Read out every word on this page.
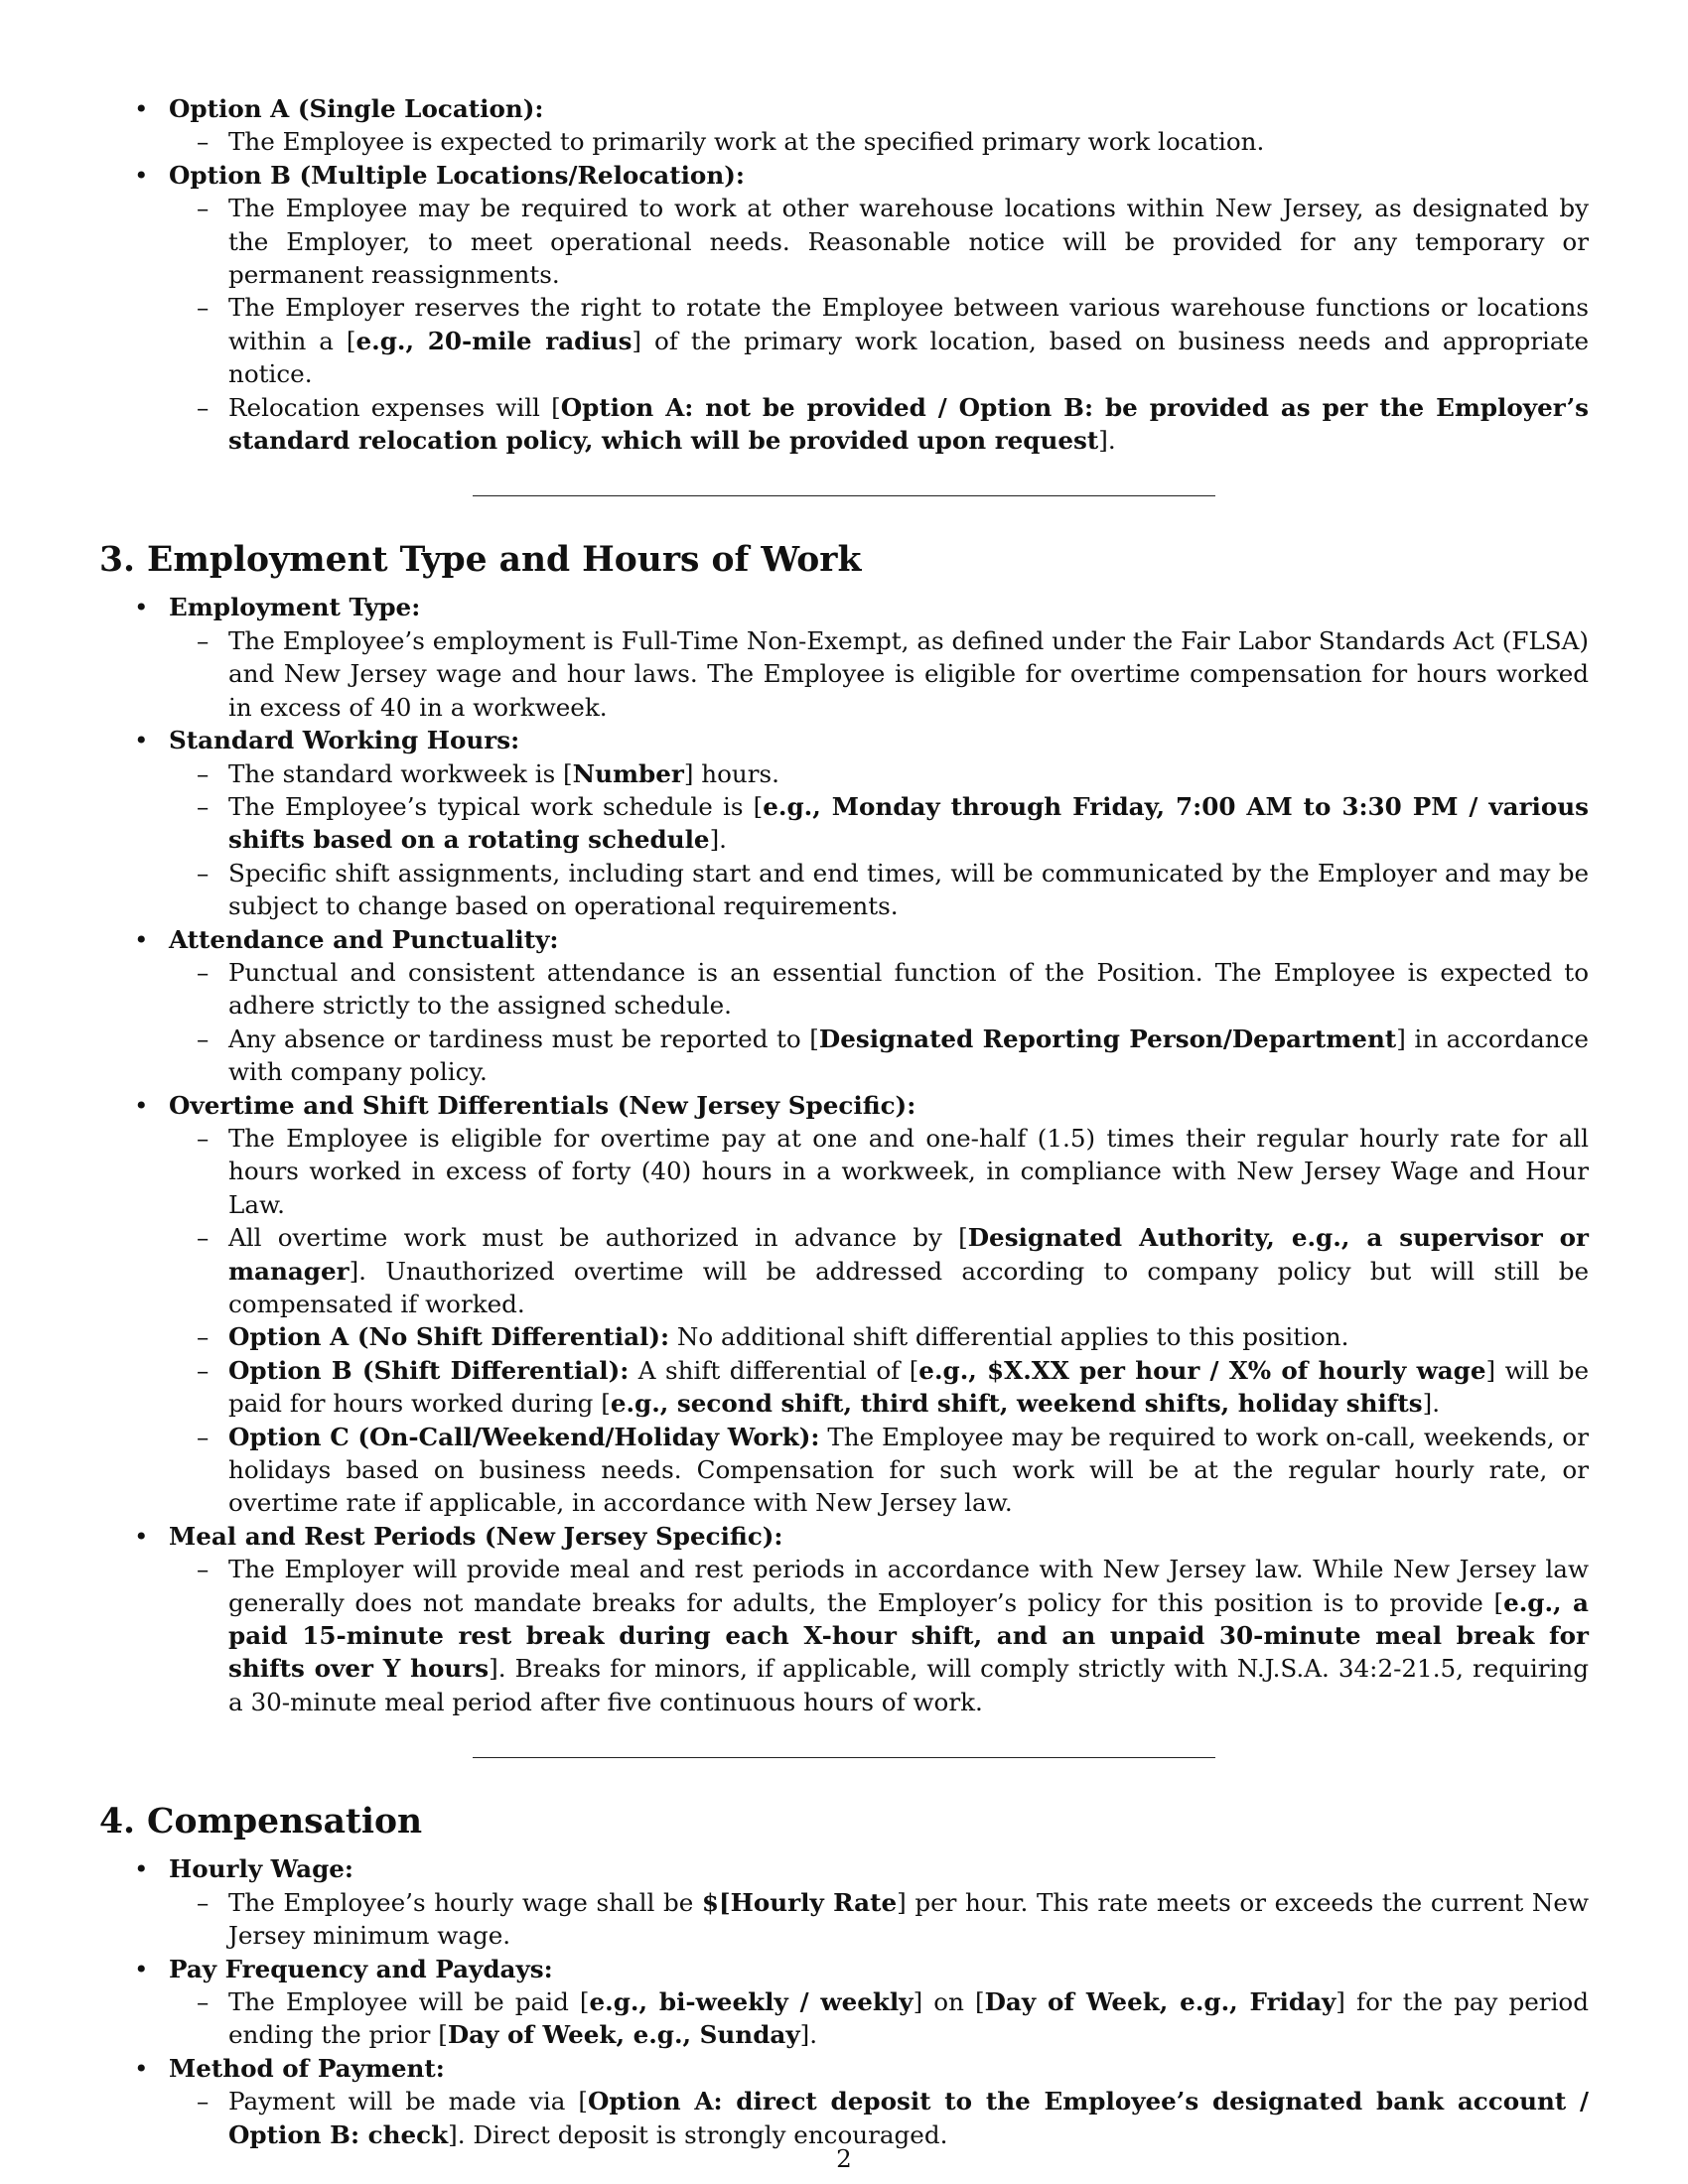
• Option A (Single Location):
– The Employee is expected to primarily work at the specified primary work location.
• Option B (Multiple Locations/Relocation):
– The Employee may be required to work at other warehouse locations within New Jersey, as designated by the Employer, to meet operational needs. Reasonable notice will be provided for any temporary or permanent reassignments.
– The Employer reserves the right to rotate the Employee between various warehouse functions or locations within a [e.g., 20-mile radius] of the primary work location, based on business needs and appropriate notice.
– Relocation expenses will [Option A: not be provided / Option B: be provided as per the Employer’s standard relocation policy, which will be provided upon request].
3. Employment Type and Hours of Work
• Employment Type:
– The Employee’s employment is Full-Time Non-Exempt, as defined under the Fair Labor Standards Act (FLSA) and New Jersey wage and hour laws. The Employee is eligible for overtime compensation for hours worked in excess of 40 in a workweek.
• Standard Working Hours:
– The standard workweek is [Number] hours.
– The Employee’s typical work schedule is [e.g., Monday through Friday, 7:00 AM to 3:30 PM / various shifts based on a rotating schedule].
– Specific shift assignments, including start and end times, will be communicated by the Employer and may be subject to change based on operational requirements.
• Attendance and Punctuality:
– Punctual and consistent attendance is an essential function of the Position. The Employee is expected to adhere strictly to the assigned schedule.
– Any absence or tardiness must be reported to [Designated Reporting Person/Department] in accordance with company policy.
• Overtime and Shift Differentials (New Jersey Specific):
– The Employee is eligible for overtime pay at one and one-half (1.5) times their regular hourly rate for all hours worked in excess of forty (40) hours in a workweek, in compliance with New Jersey Wage and Hour Law.
– All overtime work must be authorized in advance by [Designated Authority, e.g., a supervisor or manager]. Unauthorized overtime will be addressed according to company policy but will still be compensated if worked.
– Option A (No Shift Differential): No additional shift differential applies to this position.
– Option B (Shift Differential): A shift differential of [e.g., $X.XX per hour / X% of hourly wage] will be paid for hours worked during [e.g., second shift, third shift, weekend shifts, holiday shifts].
– Option C (On-Call/Weekend/Holiday Work): The Employee may be required to work on-call, weekends, or holidays based on business needs. Compensation for such work will be at the regular hourly rate, or overtime rate if applicable, in accordance with New Jersey law.
• Meal and Rest Periods (New Jersey Specific):
– The Employer will provide meal and rest periods in accordance with New Jersey law. While New Jersey law generally does not mandate breaks for adults, the Employer’s policy for this position is to provide [e.g., a paid 15-minute rest break during each X-hour shift, and an unpaid 30-minute meal break for shifts over Y hours]. Breaks for minors, if applicable, will comply strictly with N.J.S.A. 34:2-21.5, requiring a 30-minute meal period after five continuous hours of work.
4. Compensation
• Hourly Wage:
– The Employee’s hourly wage shall be $[Hourly Rate] per hour. This rate meets or exceeds the current New Jersey minimum wage.
• Pay Frequency and Paydays:
– The Employee will be paid [e.g., bi-weekly / weekly] on [Day of Week, e.g., Friday] for the pay period ending the prior [Day of Week, e.g., Sunday].
• Method of Payment:
– Payment will be made via [Option A: direct deposit to the Employee’s designated bank account / Option B: check]. Direct deposit is strongly encouraged.
2
